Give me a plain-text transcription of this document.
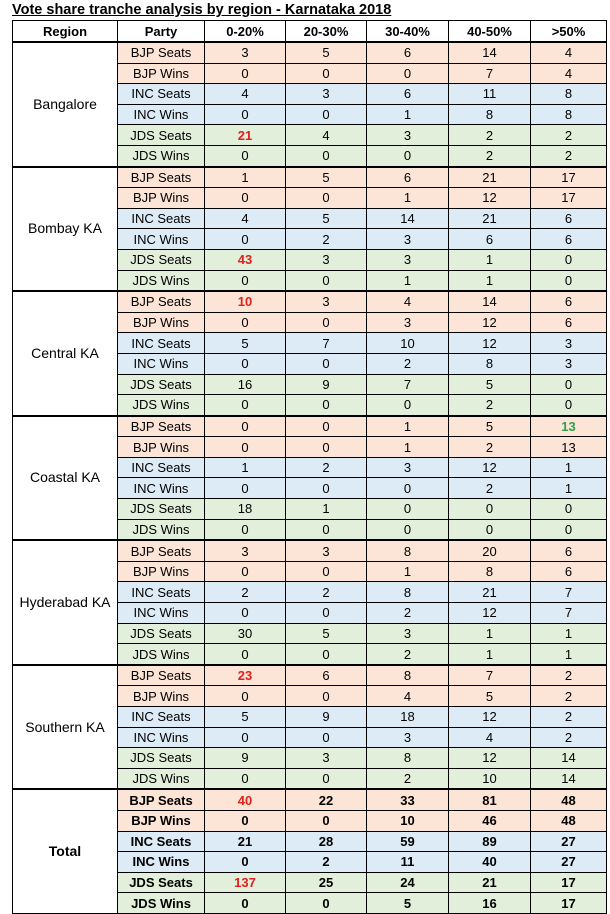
Vote share tranche analysis by region - Karnataka 2018
Region	Party	0-20%	20-30%	30-40%	40-50%	>50%
Bangalore	BJP Seats	3	5	6	14	4
	BJP Wins	0	0	0	7	4
	INC Seats	4	3	6	11	8
	INC Wins	0	0	1	8	8
	JDS Seats	21	4	3	2	2
	JDS Wins	0	0	0	2	2
Bombay KA	BJP Seats	1	5	6	21	17
	BJP Wins	0	0	1	12	17
	INC Seats	4	5	14	21	6
	INC Wins	0	2	3	6	6
	JDS Seats	43	3	3	1	0
	JDS Wins	0	0	1	1	0
Central KA	BJP Seats	10	3	4	14	6
	BJP Wins	0	0	3	12	6
	INC Seats	5	7	10	12	3
	INC Wins	0	0	2	8	3
	JDS Seats	16	9	7	5	0
	JDS Wins	0	0	0	2	0
Coastal KA	BJP Seats	0	0	1	5	13
	BJP Wins	0	0	1	2	13
	INC Seats	1	2	3	12	1
	INC Wins	0	0	0	2	1
	JDS Seats	18	1	0	0	0
	JDS Wins	0	0	0	0	0
Hyderabad KA	BJP Seats	3	3	8	20	6
	BJP Wins	0	0	1	8	6
	INC Seats	2	2	8	21	7
	INC Wins	0	0	2	12	7
	JDS Seats	30	5	3	1	1
	JDS Wins	0	0	2	1	1
Southern KA	BJP Seats	23	6	8	7	2
	BJP Wins	0	0	4	5	2
	INC Seats	5	9	18	12	2
	INC Wins	0	0	3	4	2
	JDS Seats	9	3	8	12	14
	JDS Wins	0	0	2	10	14
Total	BJP Seats	40	22	33	81	48
	BJP Wins	0	0	10	46	48
	INC Seats	21	28	59	89	27
	INC Wins	0	2	11	40	27
	JDS Seats	137	25	24	21	17
	JDS Wins	0	0	5	16	17
